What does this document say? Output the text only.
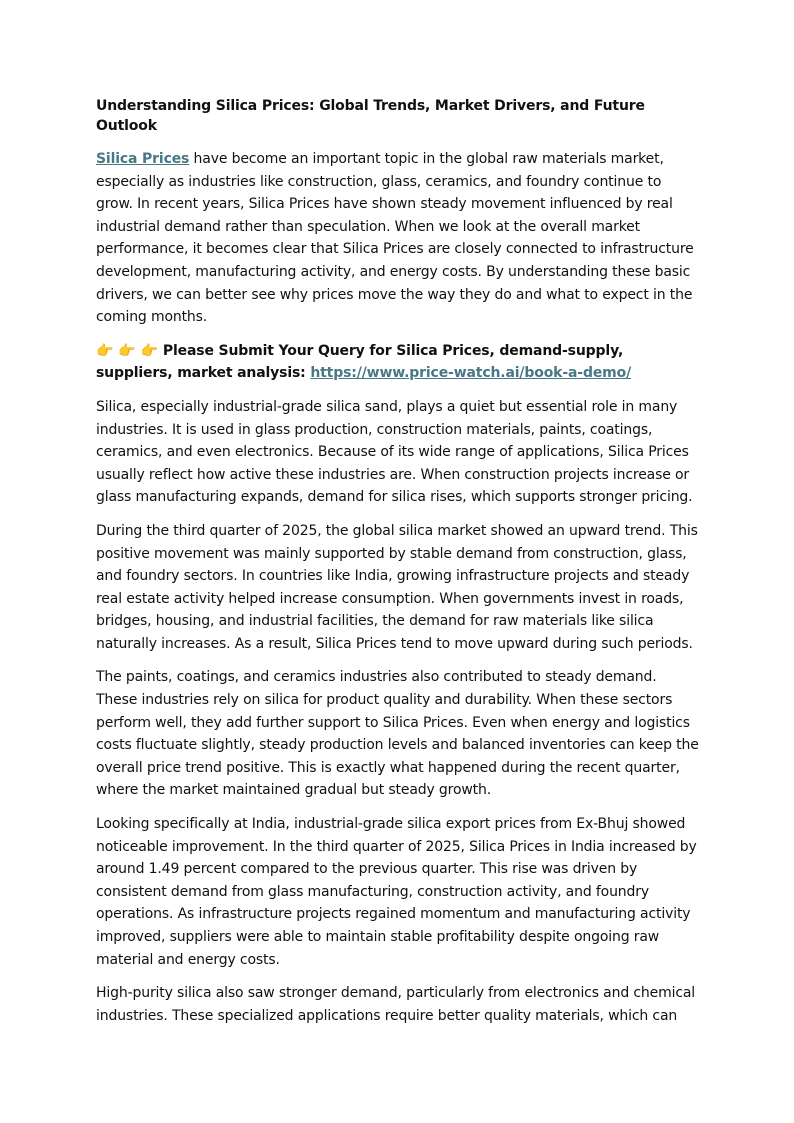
Understanding Silica Prices: Global Trends, Market Drivers, and Future Outlook

Silica Prices have become an important topic in the global raw materials market, especially as industries like construction, glass, ceramics, and foundry continue to grow. In recent years, Silica Prices have shown steady movement influenced by real industrial demand rather than speculation. When we look at the overall market performance, it becomes clear that Silica Prices are closely connected to infrastructure development, manufacturing activity, and energy costs. By understanding these basic drivers, we can better see why prices move the way they do and what to expect in the coming months.

👉 👉 👉 Please Submit Your Query for Silica Prices, demand-supply, suppliers, market analysis: https://www.price-watch.ai/book-a-demo/

Silica, especially industrial-grade silica sand, plays a quiet but essential role in many industries. It is used in glass production, construction materials, paints, coatings, ceramics, and even electronics. Because of its wide range of applications, Silica Prices usually reflect how active these industries are. When construction projects increase or glass manufacturing expands, demand for silica rises, which supports stronger pricing.

During the third quarter of 2025, the global silica market showed an upward trend. This positive movement was mainly supported by stable demand from construction, glass, and foundry sectors. In countries like India, growing infrastructure projects and steady real estate activity helped increase consumption. When governments invest in roads, bridges, housing, and industrial facilities, the demand for raw materials like silica naturally increases. As a result, Silica Prices tend to move upward during such periods.

The paints, coatings, and ceramics industries also contributed to steady demand. These industries rely on silica for product quality and durability. When these sectors perform well, they add further support to Silica Prices. Even when energy and logistics costs fluctuate slightly, steady production levels and balanced inventories can keep the overall price trend positive. This is exactly what happened during the recent quarter, where the market maintained gradual but steady growth.

Looking specifically at India, industrial-grade silica export prices from Ex-Bhuj showed noticeable improvement. In the third quarter of 2025, Silica Prices in India increased by around 1.49 percent compared to the previous quarter. This rise was driven by consistent demand from glass manufacturing, construction activity, and foundry operations. As infrastructure projects regained momentum and manufacturing activity improved, suppliers were able to maintain stable profitability despite ongoing raw material and energy costs.

High-purity silica also saw stronger demand, particularly from electronics and chemical industries. These specialized applications require better quality materials, which can
